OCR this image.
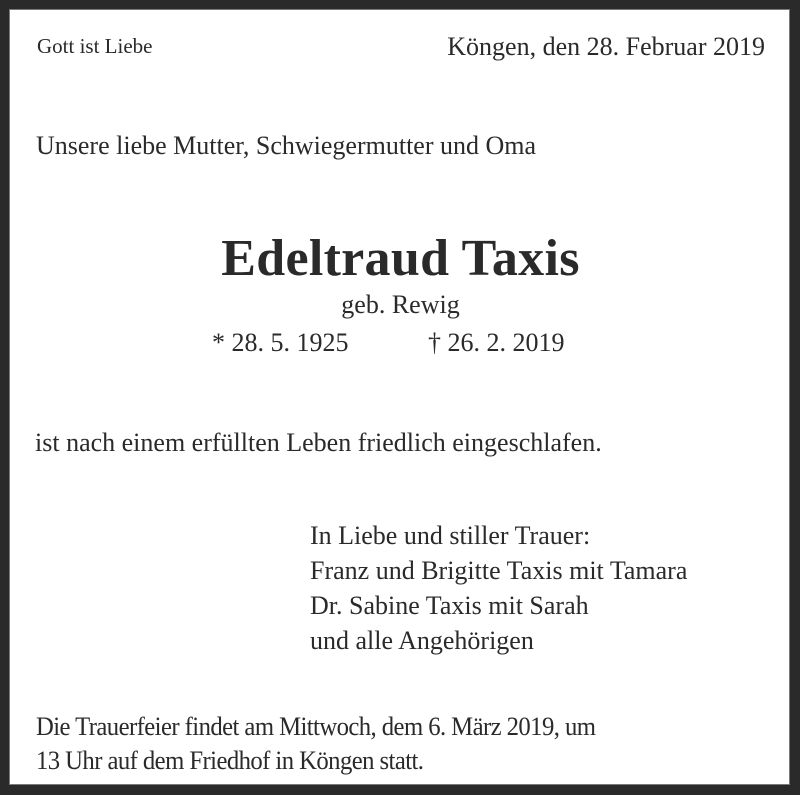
Gott ist Liebe	Köngen, den 28. Februar 2019
Unsere liebe Mutter, Schwiegermutter und Oma
Edeltraud Taxis
geb. Rewig
* 28. 5. 1925	† 26. 2. 2019
ist nach einem erfüllten Leben friedlich eingeschlafen.
In Liebe und stiller Trauer:
Franz und Brigitte Taxis mit Tamara
Dr. Sabine Taxis mit Sarah
und alle Angehörigen
Die Trauerfeier findet am Mittwoch, dem 6. März 2019, um
13 Uhr auf dem Friedhof in Köngen statt.
